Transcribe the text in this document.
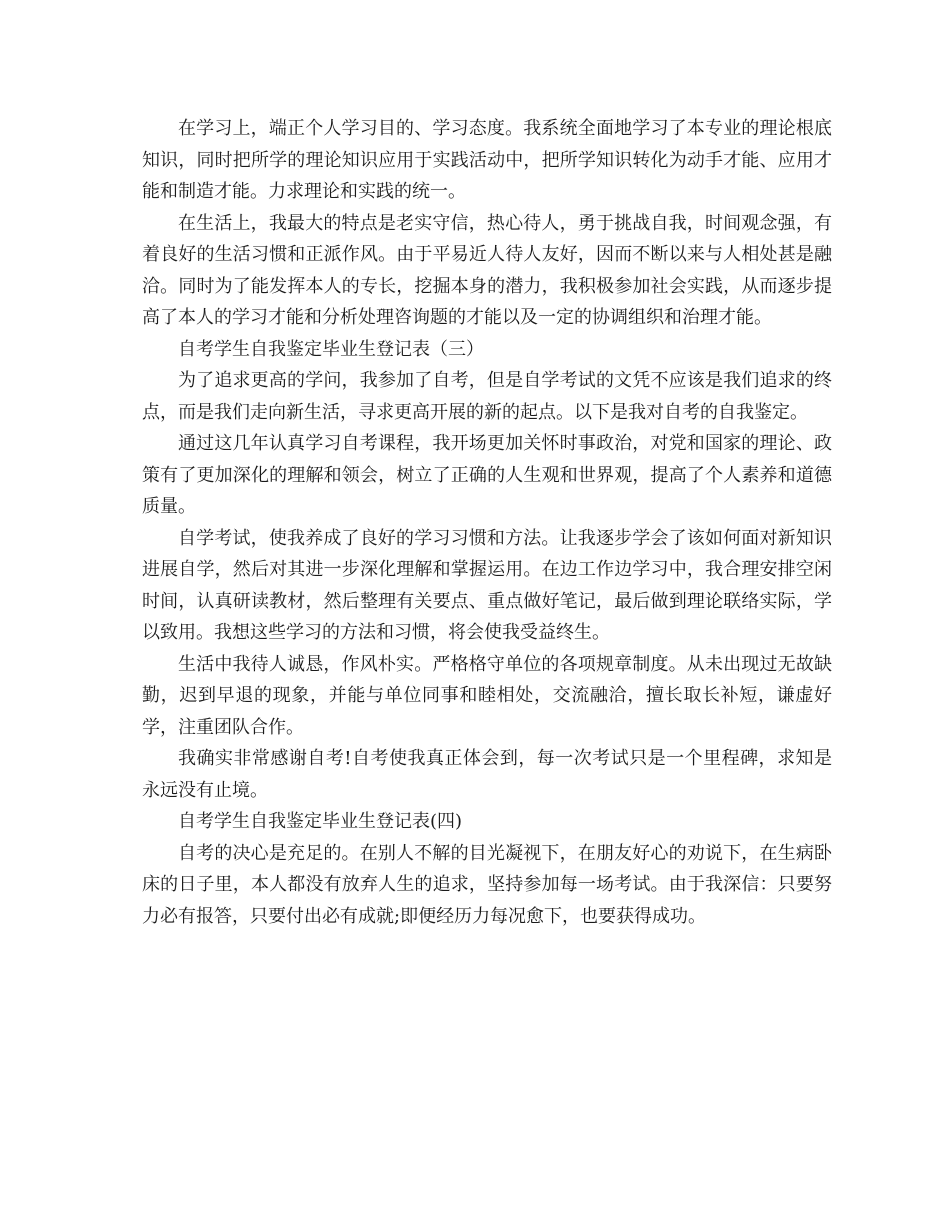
在学习上，端正个人学习目的、学习态度。我系统全面地学习了本专业的理论根底知识，同时把所学的理论知识应用于实践活动中，把所学知识转化为动手才能、应用才能和制造才能。力求理论和实践的统一。

在生活上，我最大的特点是老实守信，热心待人，勇于挑战自我，时间观念强，有着良好的生活习惯和正派作风。由于平易近人待人友好，因而不断以来与人相处甚是融洽。同时为了能发挥本人的专长，挖掘本身的潜力，我积极参加社会实践，从而逐步提高了本人的学习才能和分析处理咨询题的才能以及一定的协调组织和治理才能。

自考学生自我鉴定毕业生登记表（三）

为了追求更高的学问，我参加了自考，但是自学考试的文凭不应该是我们追求的终点，而是我们走向新生活，寻求更高开展的新的起点。以下是我对自考的自我鉴定。

通过这几年认真学习自考课程，我开场更加关怀时事政治，对党和国家的理论、政策有了更加深化的理解和领会，树立了正确的人生观和世界观，提高了个人素养和道德质量。

自学考试，使我养成了良好的学习习惯和方法。让我逐步学会了该如何面对新知识进展自学，然后对其进一步深化理解和掌握运用。在边工作边学习中，我合理安排空闲时间，认真研读教材，然后整理有关要点、重点做好笔记，最后做到理论联络实际，学以致用。我想这些学习的方法和习惯，将会使我受益终生。

生活中我待人诚恳，作风朴实。严格格守单位的各项规章制度。从未出现过无故缺勤，迟到早退的现象，并能与单位同事和睦相处，交流融洽，擅长取长补短，谦虚好学，注重团队合作。

我确实非常感谢自考!自考使我真正体会到，每一次考试只是一个里程碑，求知是永远没有止境。

自考学生自我鉴定毕业生登记表(四)

自考的决心是充足的。在别人不解的目光凝视下，在朋友好心的劝说下，在生病卧床的日子里，本人都没有放弃人生的追求，坚持参加每一场考试。由于我深信：只要努力必有报答，只要付出必有成就;即便经历力每况愈下，也要获得成功。
